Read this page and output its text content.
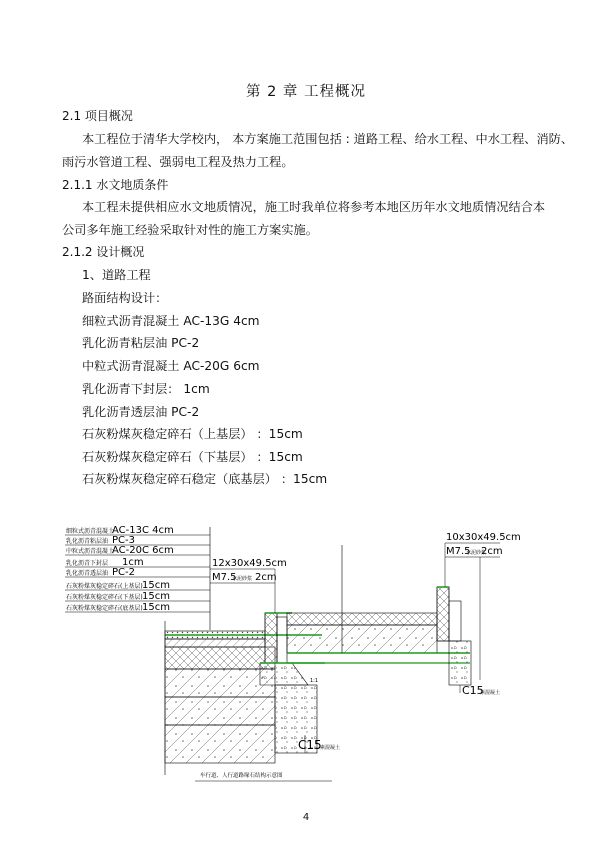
第 2 章 工程概况
2.1 项目概况
本工程位于清华大学校内， 本方案施工范围包括 : 道路工程、给水工程、中水工程、消防、
雨污水管道工程、强弱电工程及热力工程。
2.1.1 水文地质条件
本工程未提供相应水文地质情况，施工时我单位将参考本地区历年水文地质情况结合本
公司多年施工经验采取针对性的施工方案实施。
2.1.2 设计概况
1、道路工程
路面结构设计：
细粒式沥青混凝土 AC-13G 4cm
乳化沥青粘层油 PC-2
中粒式沥青混凝土 AC-20G 6cm
乳化沥青下封层： 1cm
乳化沥青透层油 PC-2
石灰粉煤灰稳定碎石（上基层） ：15cm
石灰粉煤灰稳定碎石（下基层） ：15cm
石灰粉煤灰稳定碎石稳定（底基层） ：15cm
细粒式沥青混凝土
AC-13C 4cm
乳化沥青粘层油 PC-3
中粒式沥青混凝土
AC-20C 6cm
乳化沥青下封层 1cm
乳化沥青透层油 PC-2
石灰粉煤灰稳定碎石(上基层) 15cm
石灰粉煤灰稳定碎石(下基层) 15cm
石灰粉煤灰稳定碎石(底基层) 15cm
1:1
12x30x49.5cm
M7.5
水泥砂浆 2cm
10x30x49.5cm
M7.5
水泥砂浆
2cm
C15
素混凝土
C15
素混凝土
车行道、人行道路缘石结构示意图
4
